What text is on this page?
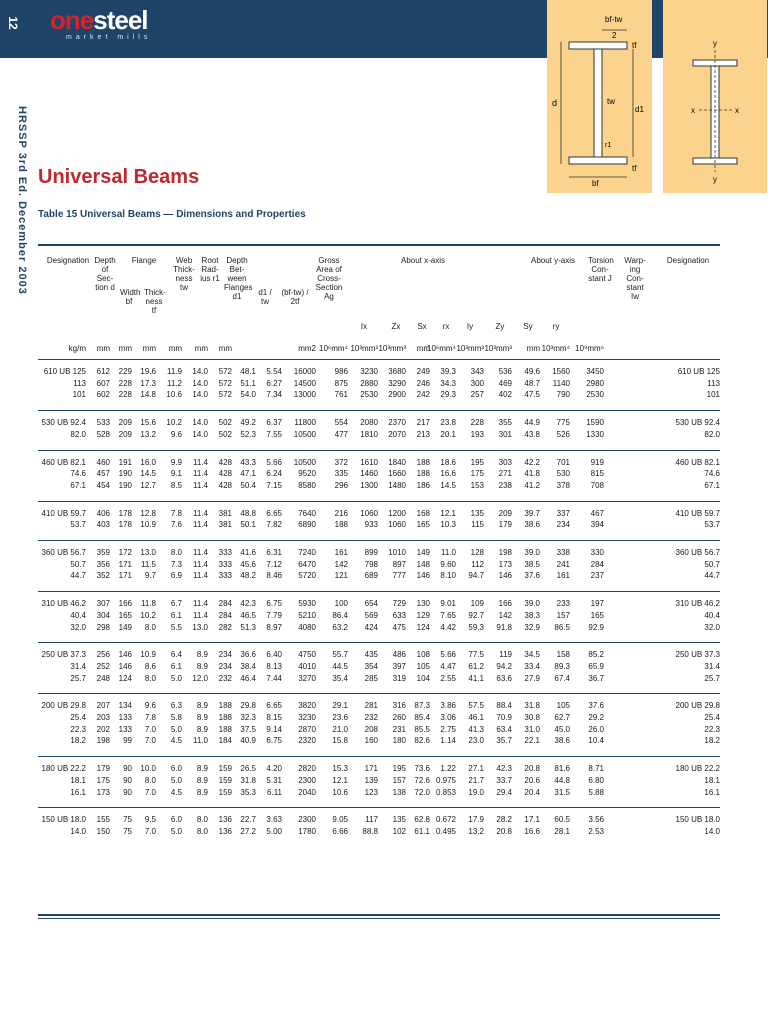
12 onesteel
market mills
HRSSP 3rd Ed. December 2003
bf-tw
2
tf
d	tw
d1
r1
bf
tf
y
x	x
y
Universal Beams
Table 15 Universal Beams — Dimensions and Properties
Designation Depth of Sec- tion d
Flange
Width bf
Thick- ness tf
Web Thick- ness tw
Root Rad- ius r1
Depth Bet- ween Flanges d1	d1 / tw
(bf-tw) / 2tf
Gross Area of Cross- Section Ag
About x-axis	About y-axis	Torsion Con- stant J
Warp- ing Con- stant Iw
Designation
Ix	Zx	Sx	rx	Iy	Zy	Sy	ry
kg/m	mm	mm	mm	mm	mm	mm	mm2 10⁶mm⁴ 10³mm³ 10³mm³	mm
10⁶mm⁴ 10³mm³ 10³mm³	mm 10³mm⁴ 10⁹mm⁶
610 UB 125	612	229	19.6	11.9	14.0	572	48.1	5.54	16000	986	3230	3680	249	39.3	343	536	49.6	1560	3450	610 UB 125
113	607	228	17.3	11.2	14.0	572	51.1	6.27	14500	875	2880	3290	246	34.3	300	469	48.7	1140	2980	113
101	602	228	14.8	10.6	14.0	572	54.0	7.34	13000	761	2530	2900	242	29.3	257	402	47.5	790	2530	101
530 UB 92.4	533	209	15.6	10.2	14.0	502	49.2	6.37	11800	554	2080	2370	217	23.8	228	355	44.9	775	1590	530 UB 92.4
82.0	528	209	13.2	9.6	14.0	502	52.3	7.55	10500	477	1810	2070	213	20.1	193	301	43.8	526	1330	82.0
460 UB 82.1	460	191	16.0	9.9	11.4	428	43.3	5.66	10500	372	1610	1840	188	18.6	195	303	42.2	701	919	460 UB 82.1
74.6	457	190	14.5	9.1	11.4	428	47.1	6.24	9520	335	1460	1660	188	16.6	175	271	41.8	530	815	74.6
67.1	454	190	12.7	8.5	11.4	428	50.4	7.15	8580	296	1300	1480	186	14.5	153	238	41.2	378	708	67.1
410 UB 59.7	406	178	12.8	7.8	11.4	381	48.8	6.65	7640	216	1060	1200	168	12.1	135	209	39.7	337	467	410 UB 59.7
53.7	403	178	10.9	7.6	11.4	381	50.1	7.82	6890	188	933	1060	165	10.3	115	179	38.6	234	394	53.7
360 UB 56.7	359	172	13.0	8.0	11.4	333	41.6	6.31	7240	161	899	1010	149	11.0	128	198	39.0	338	330	360 UB 56.7
50.7	356	171	11.5	7.3	11.4	333	45.6	7.12	6470	142	798	897	148	9.60	112	173	38.5	241	284	50.7
44.7	352	171	9.7	6.9	11.4	333	48.2	8.46	5720	121	689	777	146	8.10	94.7	146	37.6	161	237	44.7
310 UB 46.2	307	166	11.8	6.7	11.4	284	42.3	6.75	5930	100	654	729	130	9.01	109	166	39.0	233	197	310 UB 46.2
40.4	304	165	10.2	6.1	11.4	284	46.5	7.79	5210	86.4	569	633	129	7.65	92.7	142	38.3	157	165	40.4
32.0	298	149	8.0	5.5	13.0	282	51.3	8.97	4080	63.2	424	475	124	4.42	59.3	91.8	32.9	86.5	92.9	32.0
250 UB 37.3	256	146	10.9	6.4	8.9	234	36.6	6.40	4750	55.7	435	486	108	5.66	77.5	119	34.5	158	85.2	250 UB 37.3
31.4	252	146	8.6	6.1	8.9	234	38.4	8.13	4010	44.5	354	397	105	4.47	61.2	94.2	33.4	89.3	65.9	31.4
25.7	248	124	8.0	5.0	12.0	232	46.4	7.44	3270	35.4	285	319	104	2.55	41.1	63.6	27.9	67.4	36.7	25.7
200 UB 29.8	207	134	9.6	6.3	8.9	188	29.8	6.65	3820	29.1	281	316	87.3	3.86	57.5	88.4	31.8	105	37.6	200 UB 29.8
25.4	203	133	7.8	5.8	8.9	188	32.3	8.15	3230	23.6	232	260	85.4	3.06	46.1	70.9	30.8	62.7	29.2	25.4
22.3	202	133	7.0	5.0	8.9	188	37.5	9.14	2870	21.0	208	231	85.5	2.75	41.3	63.4	31.0	45.0	26.0	22.3
18.2	198	99	7.0	4.5	11.0	184	40.9	6.75	2320	15.8	160	180	82.6	1.14	23.0	35.7	22.1	38.6	10.4	18.2
180 UB 22.2	179	90	10.0	6.0	8.9	159	26.5	4.20	2820	15.3	171	195	73.6	1.22	27.1	42.3	20.8	81.6	8.71	180 UB 22.2
18.1	175	90	8.0	5.0	8.9	159	31.8	5.31	2300	12.1	139	157	72.6 0.975	21.7	33.7	20.6	44.8	6.80	18.1
16.1	173	90	7.0	4.5	8.9	159	35.3	6.11	2040	10.6	123	138	72.0 0.853	19.0	29.4	20.4	31.5	5.88	16.1
150 UB 18.0	155	75	9.5	6.0	8.0	136	22.7	3.63	2300	9.05	117	135	62.8 0.672	17.9	28.2	17.1	60.5	3.56	150 UB 18.0
14.0	150	75	7.0	5.0	8.0	136	27.2	5.00	1780	6.66	88.8	102	61.1 0.495	13.2	20.8	16.6	28.1	2.53	14.0
